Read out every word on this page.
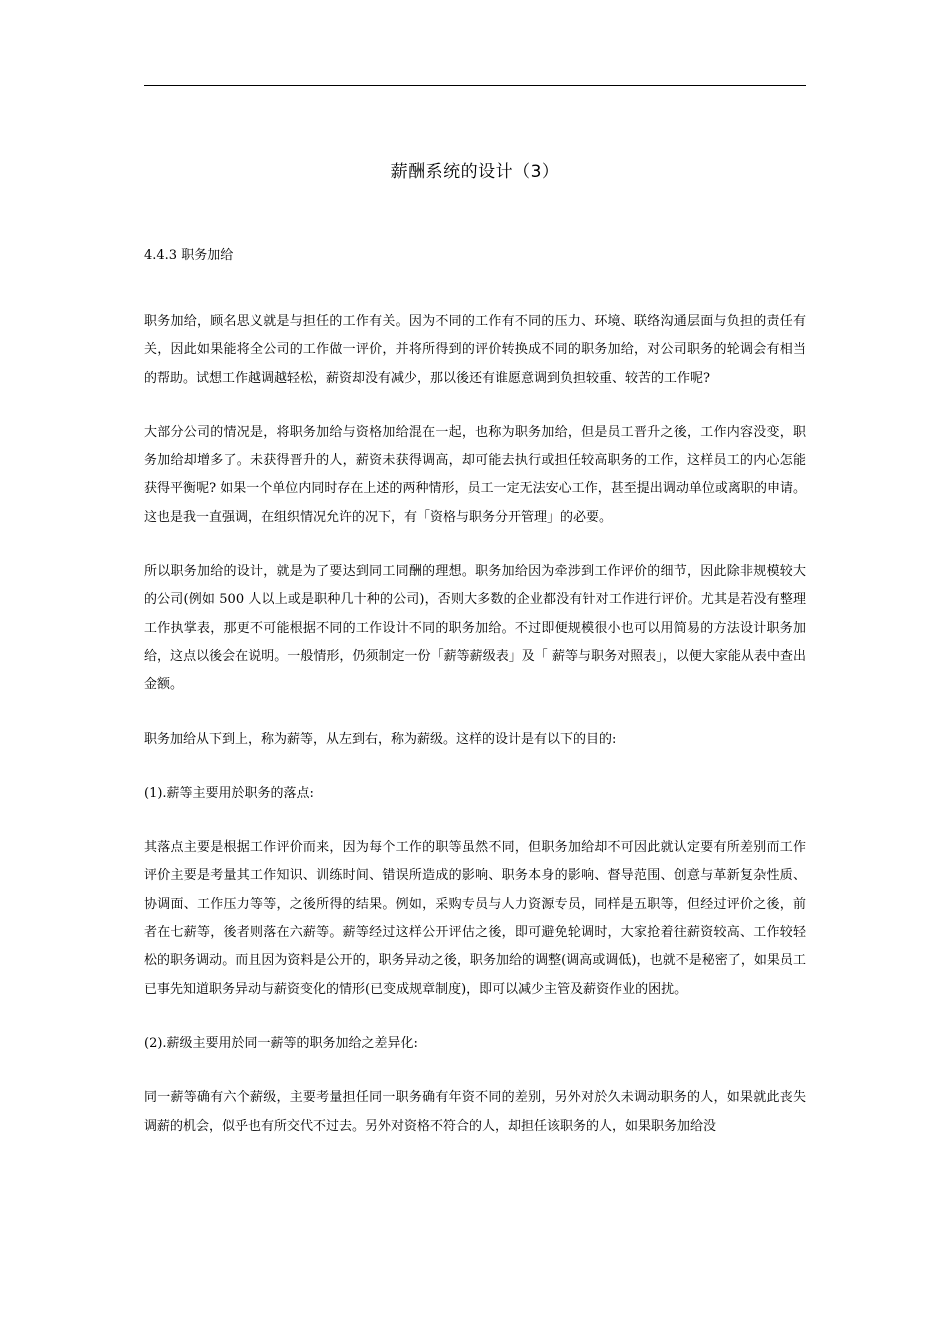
薪酬系统的设计（3）
4.4.3 职务加给

职务加给，顾名思义就是与担任的工作有关。因为不同的工作有不同的压力、环境、联络沟通层面与负担的责任有关，因此如果能将全公司的工作做一评价，并将所得到的评价转换成不同的职务加给，对公司职务的轮调会有相当的帮助。试想工作越调越轻松，薪资却没有减少，那以後还有谁愿意调到负担较重、较苦的工作呢?

大部分公司的情况是，将职务加给与资格加给混在一起，也称为职务加给，但是员工晋升之後，工作内容没变，职务加给却增多了。未获得晋升的人，薪资未获得调高，却可能去执行或担任较高职务的工作，这样员工的内心怎能获得平衡呢? 如果一个单位内同时存在上述的两种情形，员工一定无法安心工作，甚至提出调动单位或离职的申请。这也是我一直强调，在组织情况允许的况下，有「资格与职务分开管理」的必要。

所以职务加给的设计，就是为了要达到同工同酬的理想。职务加给因为牵涉到工作评价的细节，因此除非规模较大的公司(例如 500 人以上或是职种几十种的公司)，否则大多数的企业都没有针对工作进行评价。尤其是若没有整理工作执掌表，那更不可能根据不同的工作设计不同的职务加给。不过即便规模很小也可以用简易的方法设计职务加给，这点以後会在说明。一般情形，仍须制定一份「薪等薪级表」及「 薪等与职务对照表」，以便大家能从表中查出金额。

职务加给从下到上，称为薪等，从左到右，称为薪级。这样的设计是有以下的目的:

(1).薪等主要用於职务的落点:

其落点主要是根据工作评价而来，因为每个工作的职等虽然不同，但职务加给却不可因此就认定要有所差别而工作评价主要是考量其工作知识、训练时间、错误所造成的影响、职务本身的影响、督导范围、创意与革新复杂性质、协调面、工作压力等等，之後所得的结果。例如，采购专员与人力资源专员，同样是五职等，但经过评价之後，前者在七薪等，後者则落在六薪等。薪等经过这样公开评估之後，即可避免轮调时，大家抢着往薪资较高、工作较轻松的职务调动。而且因为资料是公开的，职务异动之後，职务加给的调整(调高或调低)，也就不是秘密了，如果员工已事先知道职务异动与薪资变化的情形(已变成规章制度)，即可以减少主管及薪资作业的困扰。

(2).薪级主要用於同一薪等的职务加给之差异化:

同一薪等确有六个薪级，主要考量担任同一职务确有年资不同的差别，另外对於久未调动职务的人，如果就此丧失调薪的机会，似乎也有所交代不过去。另外对资格不符合的人，却担任该职务的人，如果职务加给没
